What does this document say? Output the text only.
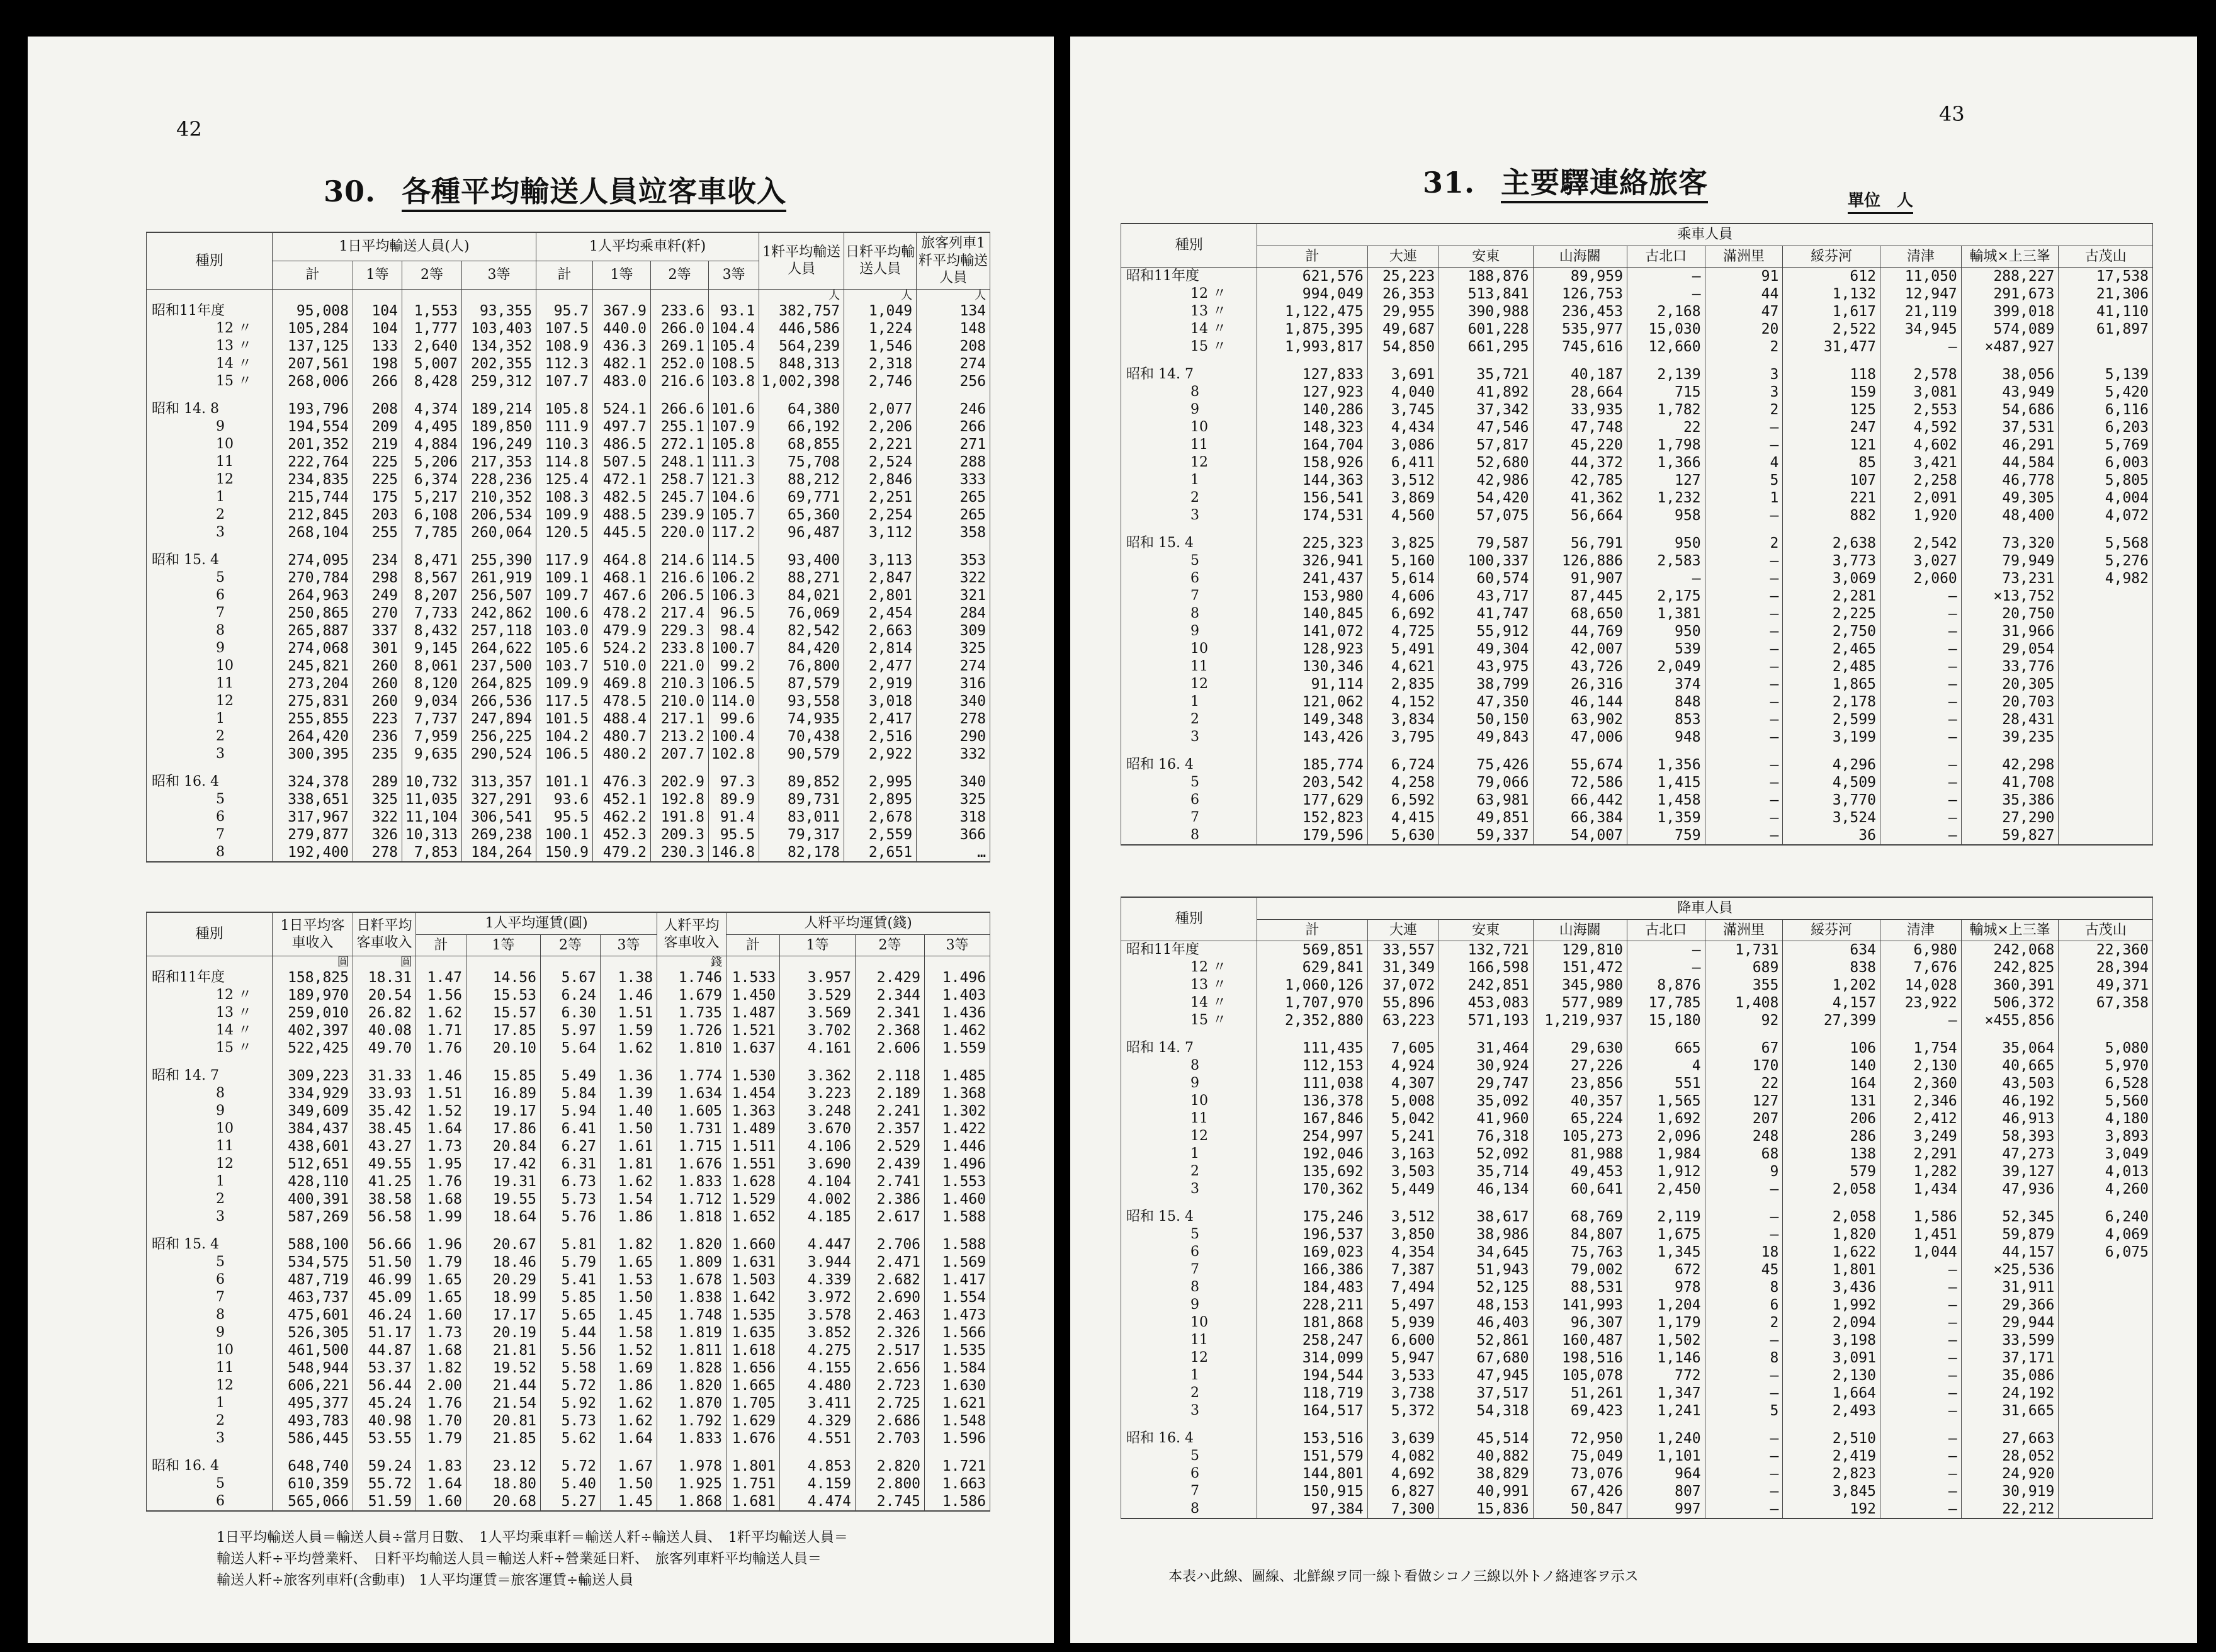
42
30. 各種平均輸送人員竝客車收入
種別	1日平均輸送人員(人)				1人平均乘車粁(粁)				1粁平均輸送人員	日粁平均輸送人員	旅客列車1粁平均輸送人員
	計	1等	2等	3等	計	1等	2等	3等			
									人	人	人
昭和11年度	95,008	104	1,553	93,355	95.7	367.9	233.6	93.1	382,757	1,049	134
12 〃	105,284	104	1,777	103,403	107.5	440.0	266.0	104.4	446,586	1,224	148
13 〃	137,125	133	2,640	134,352	108.9	436.3	269.1	105.4	564,239	1,546	208
14 〃	207,561	198	5,007	202,355	112.3	482.1	252.0	108.5	848,313	2,318	274
15 〃	268,006	266	8,428	259,312	107.7	483.0	216.6	103.8	1,002,398	2,746	256

昭和 14. 8	193,796	208	4,374	189,214	105.8	524.1	266.6	101.6	64,380	2,077	246
9	194,554	209	4,495	189,850	111.9	497.7	255.1	107.9	66,192	2,206	266
10	201,352	219	4,884	196,249	110.3	486.5	272.1	105.8	68,855	2,221	271
11	222,764	225	5,206	217,353	114.8	507.5	248.1	111.3	75,708	2,524	288
12	234,835	225	6,374	228,236	125.4	472.1	258.7	121.3	88,212	2,846	333
1	215,744	175	5,217	210,352	108.3	482.5	245.7	104.6	69,771	2,251	265
2	212,845	203	6,108	206,534	109.9	488.5	239.9	105.7	65,360	2,254	265
3	268,104	255	7,785	260,064	120.5	445.5	220.0	117.2	96,487	3,112	358

昭和 15. 4	274,095	234	8,471	255,390	117.9	464.8	214.6	114.5	93,400	3,113	353
5	270,784	298	8,567	261,919	109.1	468.1	216.6	106.2	88,271	2,847	322
6	264,963	249	8,207	256,507	109.7	467.6	206.5	106.3	84,021	2,801	321
7	250,865	270	7,733	242,862	100.6	478.2	217.4	96.5	76,069	2,454	284
8	265,887	337	8,432	257,118	103.0	479.9	229.3	98.4	82,542	2,663	309
9	274,068	301	9,145	264,622	105.6	524.2	233.8	100.7	84,420	2,814	325
10	245,821	260	8,061	237,500	103.7	510.0	221.0	99.2	76,800	2,477	274
11	273,204	260	8,120	264,825	109.9	469.8	210.3	106.5	87,579	2,919	316
12	275,831	260	9,034	266,536	117.5	478.5	210.0	114.0	93,558	3,018	340
1	255,855	223	7,737	247,894	101.5	488.4	217.1	99.6	74,935	2,417	278
2	264,420	236	7,959	256,225	104.2	480.7	213.2	100.4	70,438	2,516	290
3	300,395	235	9,635	290,524	106.5	480.2	207.7	102.8	90,579	2,922	332

昭和 16. 4	324,378	289	10,732	313,357	101.1	476.3	202.9	97.3	89,852	2,995	340
5	338,651	325	11,035	327,291	93.6	452.1	192.8	89.9	89,731	2,895	325
6	317,967	322	11,104	306,541	95.5	462.2	191.8	91.4	83,011	2,678	318
7	279,877	326	10,313	269,238	100.1	452.3	209.3	95.5	79,317	2,559	366
8	192,400	278	7,853	184,264	150.9	479.2	230.3	146.8	82,178	2,651	…
種別	1日平均客車收入	日粁平均客車收入	1人平均運賃(圓)				人粁平均客車收入	人粁平均運賃(錢)			
			計	1等	2等	3等		計	1等	2等	3等
	圓	圓					錢				
昭和11年度	158,825	18.31	1.47	14.56	5.67	1.38	1.746	1.533	3.957	2.429	1.496
12 〃	189,970	20.54	1.56	15.53	6.24	1.46	1.679	1.450	3.529	2.344	1.403
13 〃	259,010	26.82	1.62	15.57	6.30	1.51	1.735	1.487	3.569	2.341	1.436
14 〃	402,397	40.08	1.71	17.85	5.97	1.59	1.726	1.521	3.702	2.368	1.462
15 〃	522,425	49.70	1.76	20.10	5.64	1.62	1.810	1.637	4.161	2.606	1.559

昭和 14. 7	309,223	31.33	1.46	15.85	5.49	1.36	1.774	1.530	3.362	2.118	1.485
8	334,929	33.93	1.51	16.89	5.84	1.39	1.634	1.454	3.223	2.189	1.368
9	349,609	35.42	1.52	19.17	5.94	1.40	1.605	1.363	3.248	2.241	1.302
10	384,437	38.45	1.64	17.86	6.41	1.50	1.731	1.489	3.670	2.357	1.422
11	438,601	43.27	1.73	20.84	6.27	1.61	1.715	1.511	4.106	2.529	1.446
12	512,651	49.55	1.95	17.42	6.31	1.81	1.676	1.551	3.690	2.439	1.496
1	428,110	41.25	1.76	19.31	6.73	1.62	1.833	1.628	4.104	2.741	1.553
2	400,391	38.58	1.68	19.55	5.73	1.54	1.712	1.529	4.002	2.386	1.460
3	587,269	56.58	1.99	18.64	5.76	1.86	1.818	1.652	4.185	2.617	1.588

昭和 15. 4	588,100	56.66	1.96	20.67	5.81	1.82	1.820	1.660	4.447	2.706	1.588
5	534,575	51.50	1.79	18.46	5.79	1.65	1.809	1.631	3.944	2.471	1.569
6	487,719	46.99	1.65	20.29	5.41	1.53	1.678	1.503	4.339	2.682	1.417
7	463,737	45.09	1.65	18.99	5.85	1.50	1.838	1.642	3.972	2.690	1.554
8	475,601	46.24	1.60	17.17	5.65	1.45	1.748	1.535	3.578	2.463	1.473
9	526,305	51.17	1.73	20.19	5.44	1.58	1.819	1.635	3.852	2.326	1.566
10	461,500	44.87	1.68	21.81	5.56	1.52	1.811	1.618	4.275	2.517	1.535
11	548,944	53.37	1.82	19.52	5.58	1.69	1.828	1.656	4.155	2.656	1.584
12	606,221	56.44	2.00	21.44	5.72	1.86	1.820	1.665	4.480	2.723	1.630
1	495,377	45.24	1.76	21.54	5.92	1.62	1.870	1.705	3.411	2.725	1.621
2	493,783	40.98	1.70	20.81	5.73	1.62	1.792	1.629	4.329	2.686	1.548
3	586,445	53.55	1.79	21.85	5.62	1.64	1.833	1.676	4.551	2.703	1.596

昭和 16. 4	648,740	59.24	1.83	23.12	5.72	1.67	1.978	1.801	4.853	2.820	1.721
5	610,359	55.72	1.64	18.80	5.40	1.50	1.925	1.751	4.159	2.800	1.663
6	565,066	51.59	1.60	20.68	5.27	1.45	1.868	1.681	4.474	2.745	1.586
1日平均輸送人員＝輸送人員÷當月日數、　1人平均乘車粁＝輸送人粁÷輸送人員、　1粁平均輸送人員＝
輸送人粁÷平均營業粁、　日粁平均輸送人員＝輸送人粁÷營業延日粁、　旅客列車粁平均輸送人員＝
輸送人粁÷旅客列車粁(含動車)　1人平均運賃＝旅客運賃÷輸送人員
43
31. 主要驛連絡旅客
單位　人
種別	乘車人員									
	計	大連	安東	山海關	古北口	滿洲里	綏芬河	清津	輸城×上三峯	古茂山
昭和11年度	621,576	25,223	188,876	89,959	–	91	612	11,050	288,227	17,538
12 〃	994,049	26,353	513,841	126,753	–	44	1,132	12,947	291,673	21,306
13 〃	1,122,475	29,955	390,988	236,453	2,168	47	1,617	21,119	399,018	41,110
14 〃	1,875,395	49,687	601,228	535,977	15,030	20	2,522	34,945	574,089	61,897
15 〃	1,993,817	54,850	661,295	745,616	12,660	2	31,477	–	×487,927	

昭和 14. 7	127,833	3,691	35,721	40,187	2,139	3	118	2,578	38,056	5,139
8	127,923	4,040	41,892	28,664	715	3	159	3,081	43,949	5,420
9	140,286	3,745	37,342	33,935	1,782	2	125	2,553	54,686	6,116
10	148,323	4,434	47,546	47,748	22	–	247	4,592	37,531	6,203
11	164,704	3,086	57,817	45,220	1,798	–	121	4,602	46,291	5,769
12	158,926	6,411	52,680	44,372	1,366	4	85	3,421	44,584	6,003
1	144,363	3,512	42,986	42,785	127	5	107	2,258	46,778	5,805
2	156,541	3,869	54,420	41,362	1,232	1	221	2,091	49,305	4,004
3	174,531	4,560	57,075	56,664	958	–	882	1,920	48,400	4,072

昭和 15. 4	225,323	3,825	79,587	56,791	950	2	2,638	2,542	73,320	5,568
5	326,941	5,160	100,337	126,886	2,583	–	3,773	3,027	79,949	5,276
6	241,437	5,614	60,574	91,907	–	–	3,069	2,060	73,231	4,982
7	153,980	4,606	43,717	87,445	2,175	–	2,281	–	×13,752	
8	140,845	6,692	41,747	68,650	1,381	–	2,225	–	20,750	
9	141,072	4,725	55,912	44,769	950	–	2,750	–	31,966	
10	128,923	5,491	49,304	42,007	539	–	2,465	–	29,054	
11	130,346	4,621	43,975	43,726	2,049	–	2,485	–	33,776	
12	91,114	2,835	38,799	26,316	374	–	1,865	–	20,305	
1	121,062	4,152	47,350	46,144	848	–	2,178	–	20,703	
2	149,348	3,834	50,150	63,902	853	–	2,599	–	28,431	
3	143,426	3,795	49,843	47,006	948	–	3,199	–	39,235	

昭和 16. 4	185,774	6,724	75,426	55,674	1,356	–	4,296	–	42,298	
5	203,542	4,258	79,066	72,586	1,415	–	4,509	–	41,708	
6	177,629	6,592	63,981	66,442	1,458	–	3,770	–	35,386	
7	152,823	4,415	49,851	66,384	1,359	–	3,524	–	27,290	
8	179,596	5,630	59,337	54,007	759	–	36	–	59,827	
種別	降車人員									
	計	大連	安東	山海關	古北口	滿洲里	綏芬河	清津	輸城×上三峯	古茂山
昭和11年度	569,851	33,557	132,721	129,810	–	1,731	634	6,980	242,068	22,360
12 〃	629,841	31,349	166,598	151,472	–	689	838	7,676	242,825	28,394
13 〃	1,060,126	37,072	242,851	345,980	8,876	355	1,202	14,028	360,391	49,371
14 〃	1,707,970	55,896	453,083	577,989	17,785	1,408	4,157	23,922	506,372	67,358
15 〃	2,352,880	63,223	571,193	1,219,937	15,180	92	27,399	–	×455,856	

昭和 14. 7	111,435	7,605	31,464	29,630	665	67	106	1,754	35,064	5,080
8	112,153	4,924	30,924	27,226	4	170	140	2,130	40,665	5,970
9	111,038	4,307	29,747	23,856	551	22	164	2,360	43,503	6,528
10	136,378	5,008	35,092	40,357	1,565	127	131	2,346	46,192	5,560
11	167,846	5,042	41,960	65,224	1,692	207	206	2,412	46,913	4,180
12	254,997	5,241	76,318	105,273	2,096	248	286	3,249	58,393	3,893
1	192,046	3,163	52,092	81,988	1,984	68	138	2,291	47,273	3,049
2	135,692	3,503	35,714	49,453	1,912	9	579	1,282	39,127	4,013
3	170,362	5,449	46,134	60,641	2,450	–	2,058	1,434	47,936	4,260

昭和 15. 4	175,246	3,512	38,617	68,769	2,119	–	2,058	1,586	52,345	6,240
5	196,537	3,850	38,986	84,807	1,675	–	1,820	1,451	59,879	4,069
6	169,023	4,354	34,645	75,763	1,345	18	1,622	1,044	44,157	6,075
7	166,386	7,387	51,943	79,002	672	45	1,801	–	×25,536	
8	184,483	7,494	52,125	88,531	978	8	3,436	–	31,911	
9	228,211	5,497	48,153	141,993	1,204	6	1,992	–	29,366	
10	181,868	5,939	46,403	96,307	1,179	2	2,094	–	29,944	
11	258,247	6,600	52,861	160,487	1,502	–	3,198	–	33,599	
12	314,099	5,947	67,680	198,516	1,146	8	3,091	–	37,171	
1	194,544	3,533	47,945	105,078	772	–	2,130	–	35,086	
2	118,719	3,738	37,517	51,261	1,347	–	1,664	–	24,192	
3	164,517	5,372	54,318	69,423	1,241	5	2,493	–	31,665	

昭和 16. 4	153,516	3,639	45,514	72,950	1,240	–	2,510	–	27,663	
5	151,579	4,082	40,882	75,049	1,101	–	2,419	–	28,052	
6	144,801	4,692	38,829	73,076	964	–	2,823	–	24,920	
7	150,915	6,827	40,991	67,426	807	–	3,845	–	30,919	
8	97,384	7,300	15,836	50,847	997	–	192	–	22,212	
本表ハ此線、圖線、北鮮線ヲ同一線ト看做シコノ三線以外トノ絡連客ヲ示ス
